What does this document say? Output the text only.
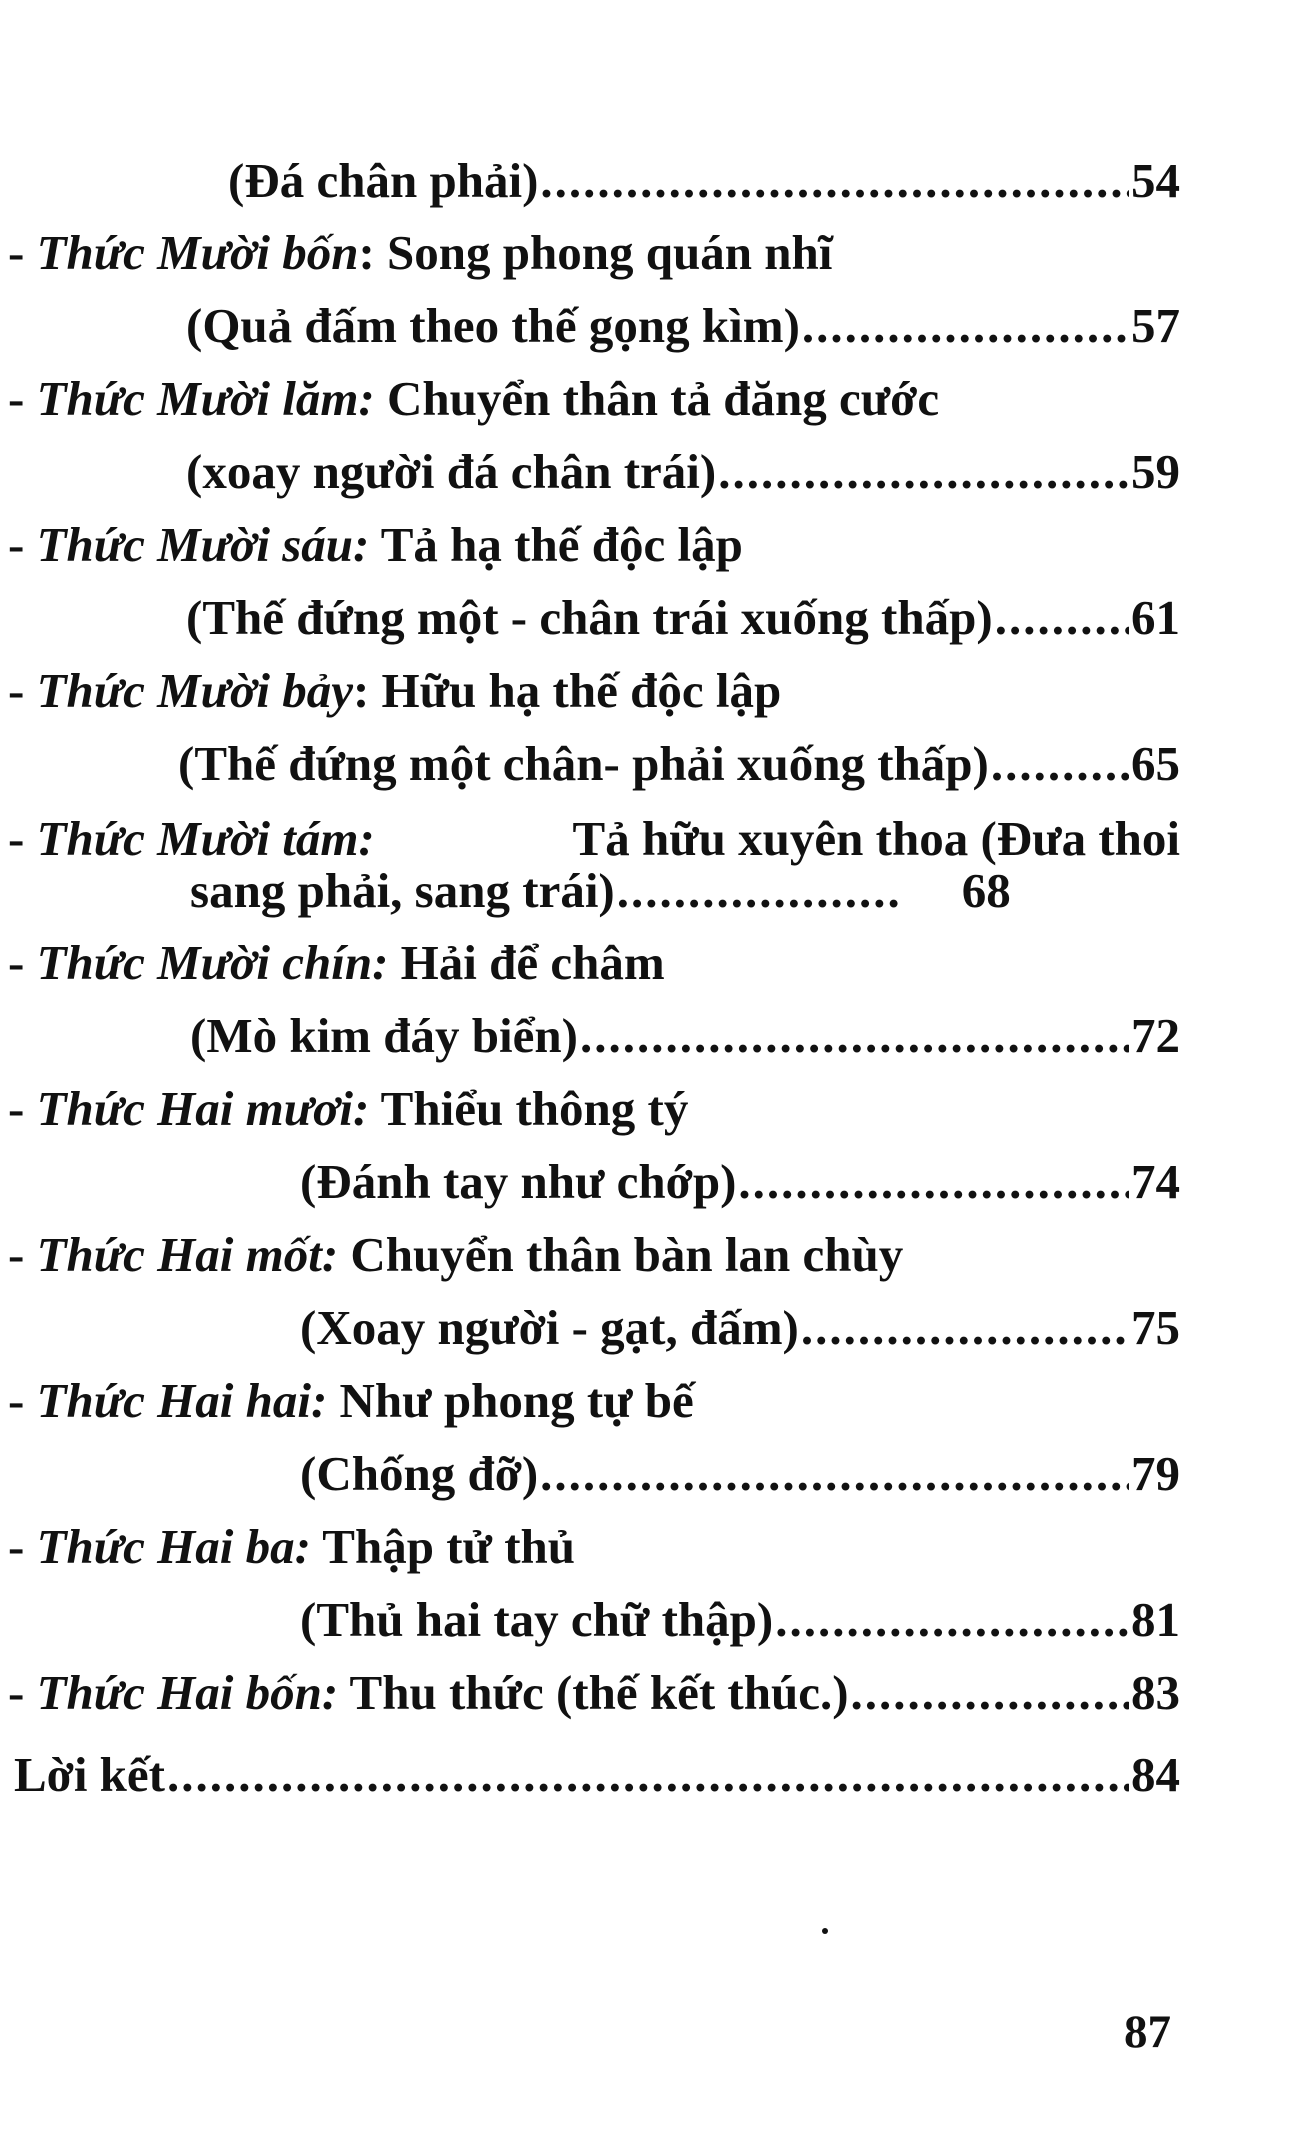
(Đá chân phải) .....	54
- Thức Mười bốn: Song phong quán nhĩ
(Quả đấm theo thế gọng kìm) .....	57
- Thức Mười lăm: Chuyển thân tả đăng cước
(xoay người đá chân trái) .....	59
- Thức Mười sáu: Tả hạ thế độc lập
(Thế đứng một - chân trái xuống thấp) .....	61
- Thức Mười bảy: Hữu hạ thế độc lập
(Thế đứng một chân- phải xuống thấp) .....	65
- Thức Mười tám:	Tả hữu xuyên thoa (Đưa thoi
sang phải, sang trái) .....	68
- Thức Mười chín: Hải để châm
(Mò kim đáy biển) .....	72
- Thức Hai mươi: Thiểu thông tý
(Đánh tay như chớp) .....	74
- Thức Hai mốt: Chuyển thân bàn lan chùy
(Xoay người - gạt, đấm) .....	75
- Thức Hai hai: Như phong tự bế
(Chống đỡ) .....	79
- Thức Hai ba: Thập tử thủ
(Thủ hai tay chữ thập) .....	81
- Thức Hai bốn: Thu thức (thế kết thúc.) .....	83
Lời kết .....	84
87
